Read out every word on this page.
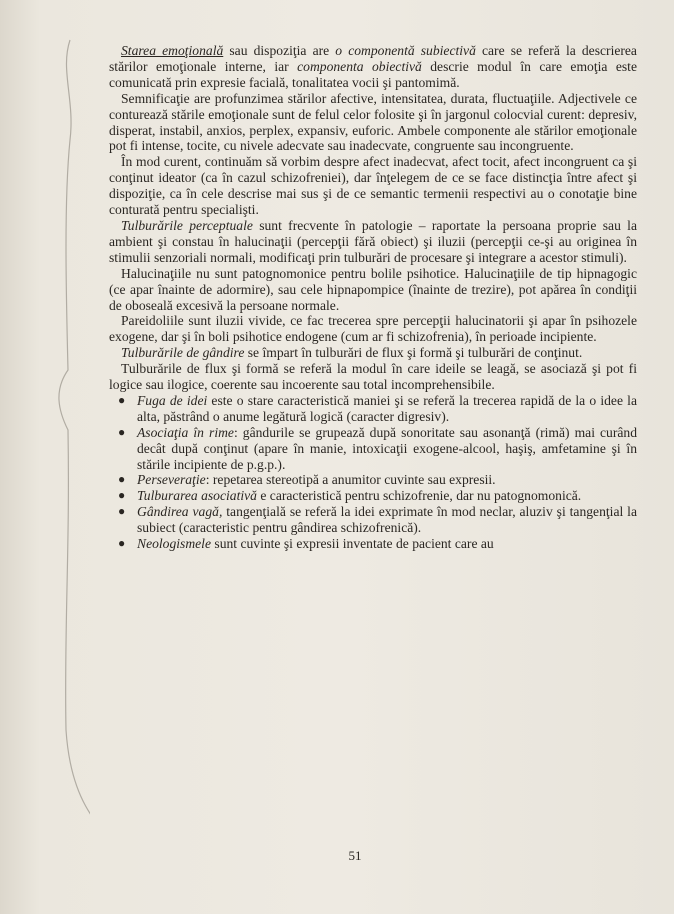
Starea emoţională sau dispoziţia are o componentă subiectivă care se referă la descrierea stărilor emoţionale interne, iar componenta obiectivă descrie modul în care emoţia este comunicată prin expresie facială, tonalitatea vocii şi pantomimă.

Semnificaţie are profunzimea stărilor afective, intensitatea, durata, fluctuaţiile. Adjectivele ce conturează stările emoţionale sunt de felul celor folosite şi în jargonul colocvial curent: depresiv, disperat, instabil, anxios, perplex, expansiv, euforic. Ambele componente ale stărilor emoţionale pot fi intense, tocite, cu nivele adecvate sau inadecvate, congruente sau incongruente.

În mod curent, continuăm să vorbim despre afect inadecvat, afect tocit, afect incongruent ca şi conţinut ideator (ca în cazul schizofreniei), dar înţelegem de ce se face distincţia între afect şi dispoziţie, ca în cele descrise mai sus şi de ce semantic termenii respectivi au o conotaţie bine conturată pentru specialişti.

Tulburările perceptuale sunt frecvente în patologie – raportate la persoana proprie sau la ambient şi constau în halucinaţii (percepţii fără obiect) şi iluzii (percepţii ce-şi au originea în stimulii senzoriali normali, modificaţi prin tulburări de procesare şi integrare a acestor stimuli).

Halucinaţiile nu sunt patognomonice pentru bolile psihotice. Halucinaţiile de tip hipnagogic (ce apar înainte de adormire), sau cele hipnapompice (înainte de trezire), pot apărea în condiţii de oboseală excesivă la persoane normale.

Pareidoliile sunt iluzii vivide, ce fac trecerea spre percepţii halucinatorii şi apar în psihozele exogene, dar şi în boli psihotice endogene (cum ar fi schizofrenia), în perioade incipiente.

Tulburările de gândire se împart în tulburări de flux şi formă şi tulburări de conţinut.

Tulburările de flux şi formă se referă la modul în care ideile se leagă, se asociază şi pot fi logice sau ilogice, coerente sau incoerente sau total incomprehensibile.

● Fuga de idei este o stare caracteristică maniei şi se referă la trecerea rapidă de la o idee la alta, păstrând o anume legătură logică (caracter digresiv).
● Asociaţia în rime: gândurile se grupează după sonoritate sau asonanţă (rimă) mai curând decât după conţinut (apare în manie, intoxicaţii exogene-alcool, haşiş, amfetamine şi în stările incipiente de p.g.p.).
● Perseveraţie: repetarea stereotipă a anumitor cuvinte sau expresii.
● Tulburarea asociativă e caracteristică pentru schizofrenie, dar nu patognomonică.
● Gândirea vagă, tangenţială se referă la idei exprimate în mod neclar, aluziv şi tangenţial la subiect (caracteristic pentru gândirea schizofrenică).
● Neologismele sunt cuvinte şi expresii inventate de pacient care au
51
